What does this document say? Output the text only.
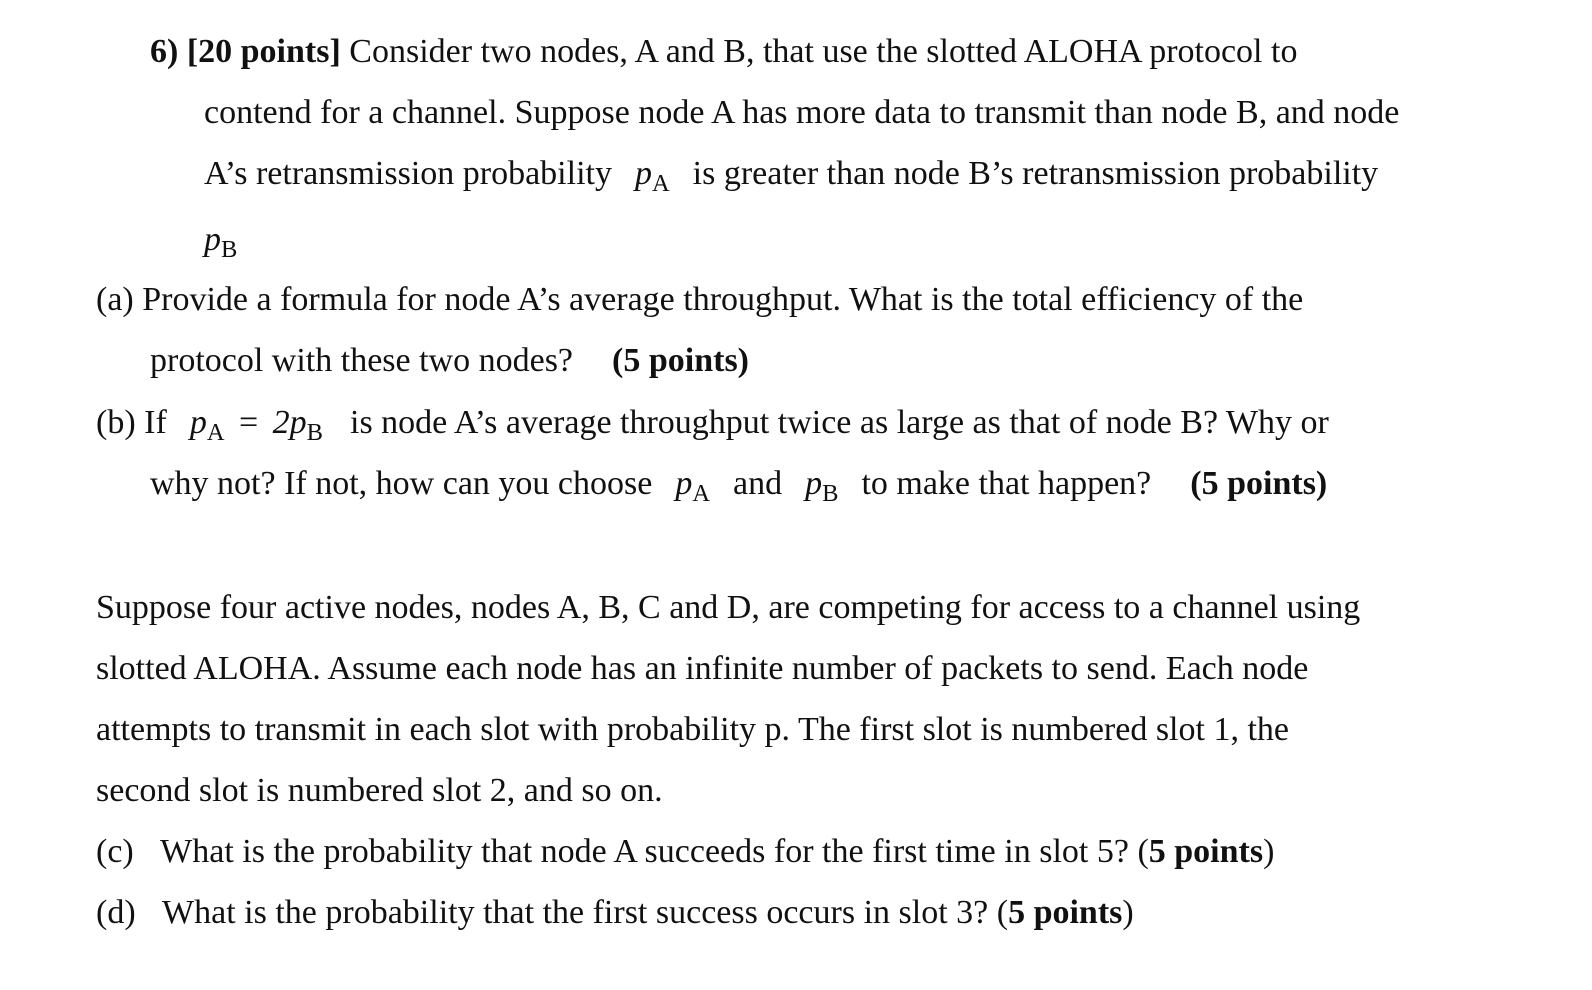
6) [20 points] Consider two nodes, A and B, that use the slotted ALOHA protocol to
contend for a channel. Suppose node A has more data to transmit than node B, and node
A’s retransmission probability $p_A$ is greater than node B’s retransmission probability
$p_B$
(a) Provide a formula for node A’s average throughput. What is the total efficiency of the
protocol with these two nodes? (5 points)
(b) If $p_A = 2p_B$ is node A’s average throughput twice as large as that of node B? Why or
why not? If not, how can you choose $p_A$ and $p_B$ to make that happen? (5 points)
Suppose four active nodes, nodes A, B, C and D, are competing for access to a channel using
slotted ALOHA. Assume each node has an infinite number of packets to send. Each node
attempts to transmit in each slot with probability p. The first slot is numbered slot 1, the
second slot is numbered slot 2, and so on.
(c) What is the probability that node A succeeds for the first time in slot 5? (5 points)
(d) What is the probability that the first success occurs in slot 3? (5 points)
